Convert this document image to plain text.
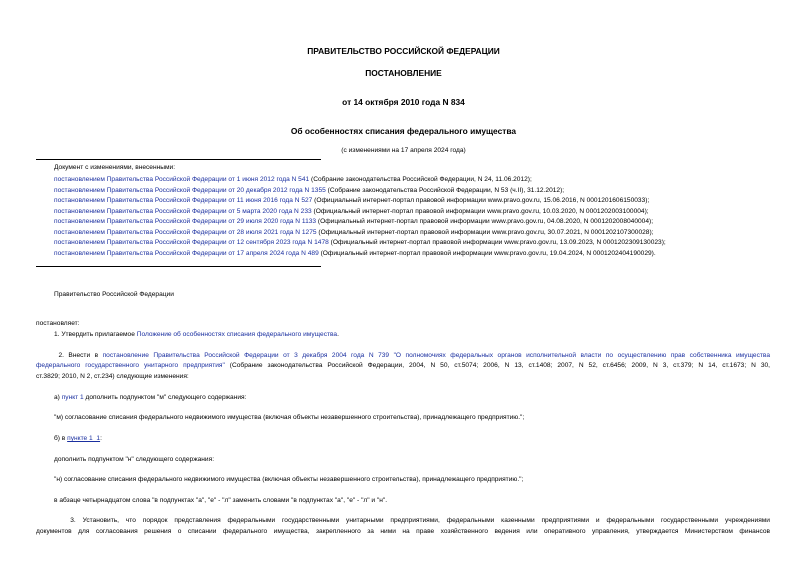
ПРАВИТЕЛЬСТВО РОССИЙСКОЙ ФЕДЕРАЦИИ
ПОСТАНОВЛЕНИЕ
от 14 октября 2010 года N 834
Об особенностях списания федерального имущества
(с изменениями на 17 апреля 2024 года)
Документ с изменениями, внесенными:
постановлением Правительства Российской Федерации от 1 июня 2012 года N 541 (Собрание законодательства Российской Федерации, N 24, 11.06.2012);
постановлением Правительства Российской Федерации от 20 декабря 2012 года N 1355 (Собрание законодательства Российской Федерации, N 53 (ч.II), 31.12.2012);
постановлением Правительства Российской Федерации от 11 июня 2016 года N 527 (Официальный интернет-портал правовой информации www.pravo.gov.ru, 15.06.2016, N 0001201606150033);
постановлением Правительства Российской Федерации от 5 марта 2020 года N 233 (Официальный интернет-портал правовой информации www.pravo.gov.ru, 10.03.2020, N 0001202003100004);
постановлением Правительства Российской Федерации от 29 июля 2020 года N 1133 (Официальный интернет-портал правовой информации www.pravo.gov.ru, 04.08.2020, N 0001202008040004);
постановлением Правительства Российской Федерации от 28 июля 2021 года N 1275 (Официальный интернет-портал правовой информации www.pravo.gov.ru, 30.07.2021, N 0001202107300028);
постановлением Правительства Российской Федерации от 12 сентября 2023 года N 1478 (Официальный интернет-портал правовой информации www.pravo.gov.ru, 13.09.2023, N 0001202309130023);
постановлением Правительства Российской Федерации от 17 апреля 2024 года N 489 (Официальный интернет-портал правовой информации www.pravo.gov.ru, 19.04.2024, N 0001202404190029).
Правительство Российской Федерации
постановляет:
1. Утвердить прилагаемое Положение об особенностях списания федерального имущества.
2. Внести в постановление Правительства Российской Федерации от 3 декабря 2004 года N 739 "О полномочиях федеральных органов исполнительной власти по осуществлению прав собственника имущества
федерального государственного унитарного предприятия" (Собрание законодательства Российской Федерации, 2004, N 50, ст.5074; 2006, N 13, ст.1408; 2007, N 52, ст.6456; 2009, N 3, ст.379; N 14, ст.1673; N 30,
ст.3829; 2010, N 2, ст.234) следующие изменения:
а) пункт 1 дополнить подпунктом "м" следующего содержания:
"м) согласование списания федерального недвижимого имущества (включая объекты незавершенного строительства), принадлежащего предприятию.";
б) в пункте 1_1:
дополнить подпунктом "н" следующего содержания:
"н) согласование списания федерального недвижимого имущества (включая объекты незавершенного строительства), принадлежащего предприятию.";
в абзаце четырнадцатом слова "в подпунктах "а", "е" - "л" заменить словами "в подпунктах "а", "е" - "л" и "н".
3. Установить, что порядок представления федеральными государственными унитарными предприятиями, федеральными казенными предприятиями и федеральными государственными учреждениями
документов для согласования решения о списании федерального имущества, закрепленного за ними на праве хозяйственного ведения или оперативного управления, утверждается Министерством финансов
